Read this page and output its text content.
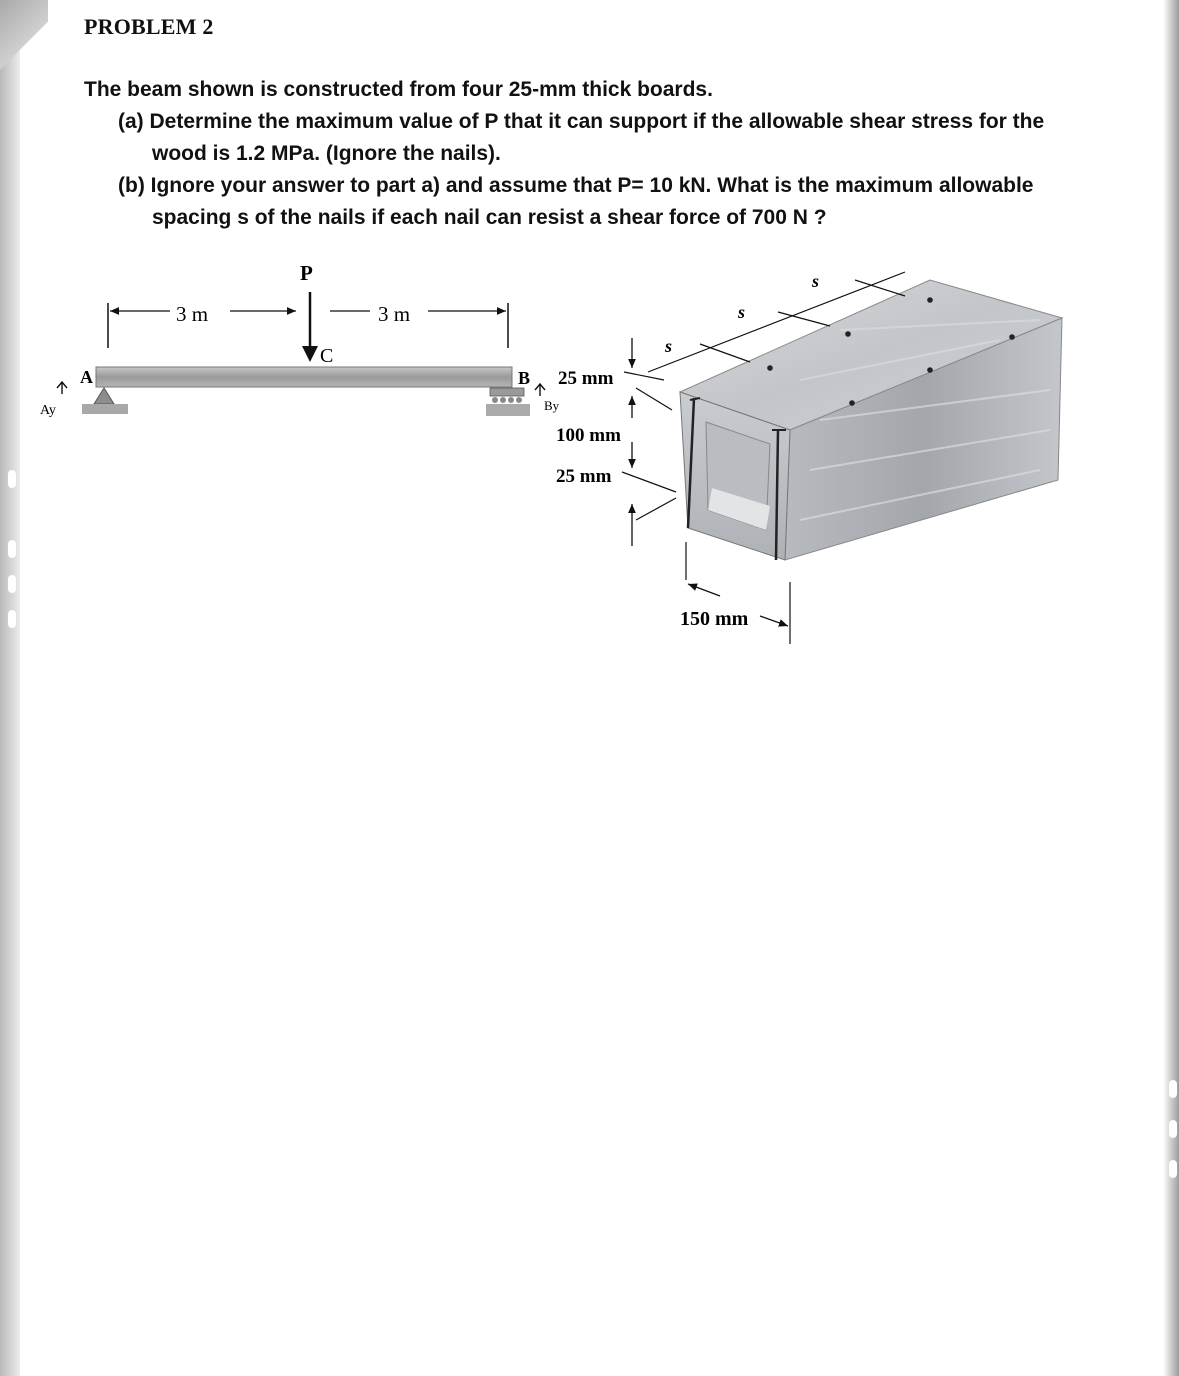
PROBLEM 2
The beam shown is constructed from four 25-mm thick boards.
(a) Determine the maximum value of P that it can support if the allowable shear stress for the
wood is 1.2 MPa. (Ignore the nails).
(b) Ignore your answer to part a) and assume that P= 10 kN. What is the maximum allowable
spacing s of the nails if each nail can resist a shear force of 700 N ?
3 m	3 m
P
C
A
Ay
B
By
s
s
s
25 mm
100 mm
25 mm
150 mm
